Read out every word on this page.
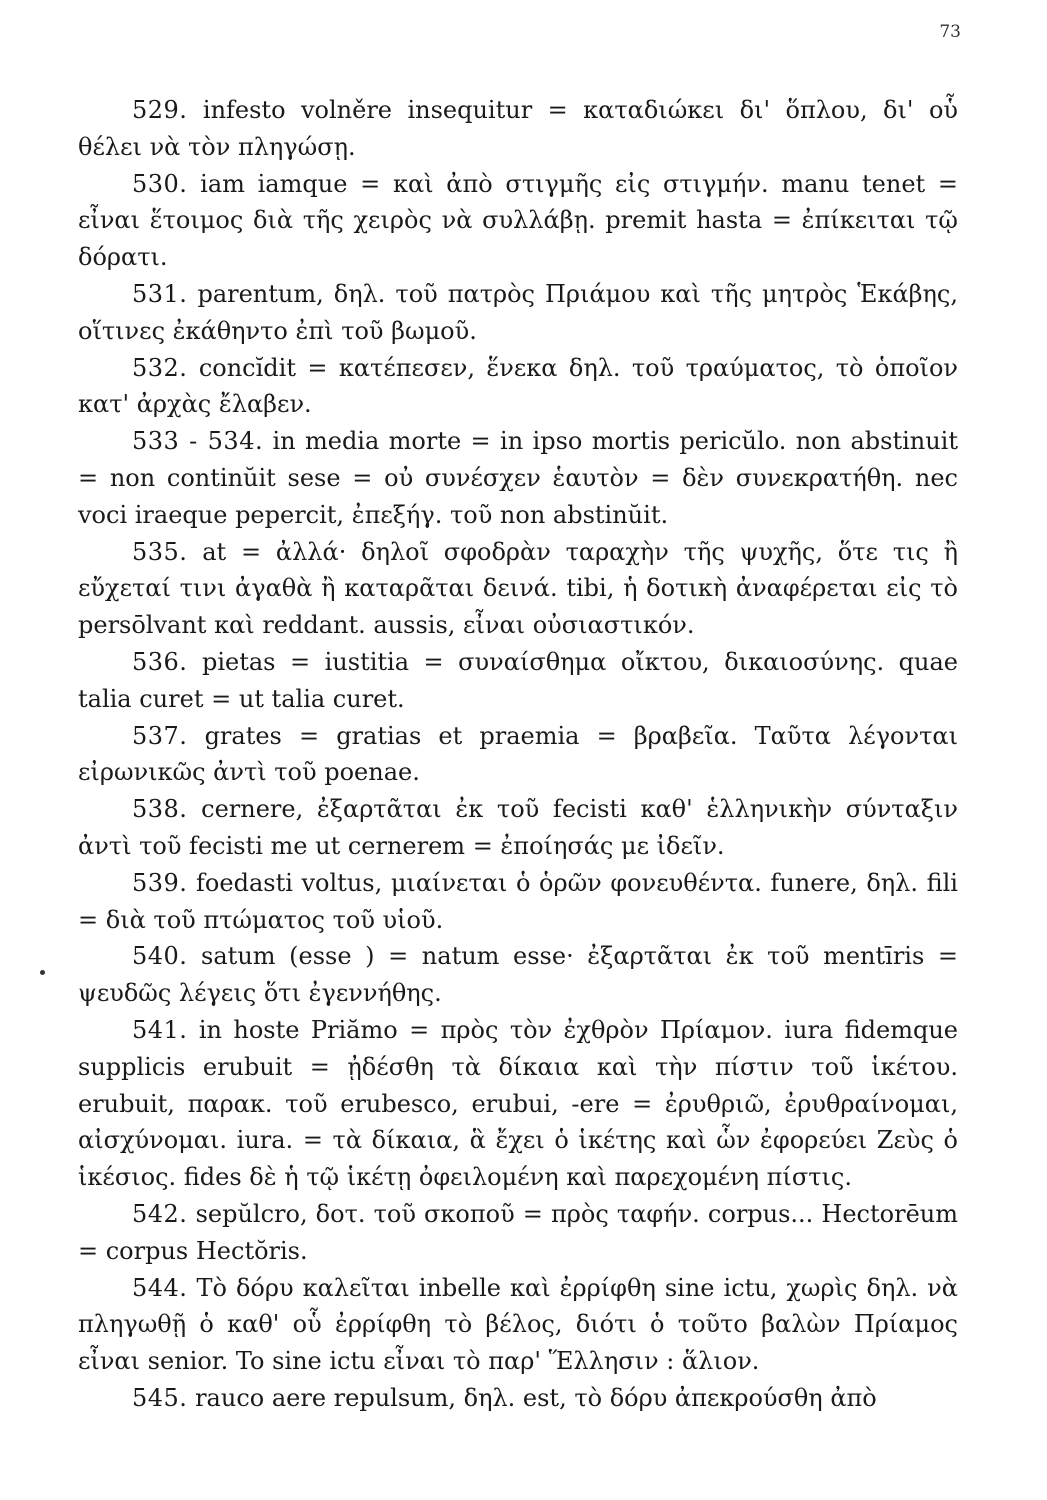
73

529. infesto volněre insequitur = καταδιώκει δι' ὅπλου, δι' οὗ θέλει νὰ τὸν πληγώσῃ.

530. iam iamque = καὶ ἀπὸ στιγμῆς εἰς στιγμήν. manu tenet = εἶναι ἕτοιμος διὰ τῆς χειρὸς νὰ συλλάβῃ. premit hasta = ἐπίκειται τῷ δόρατι.

531. parentum, δηλ. τοῦ πατρὸς Πριάμου καὶ τῆς μητρὸς Ἑκάβης, οἵτινες ἐκάθηντο ἐπὶ τοῦ βωμοῦ.

532. concĭdit = κατέπεσεν, ἕνεκα δηλ. τοῦ τραύματος, τὸ ὁποῖον κατ' ἀρχὰς ἔλαβεν.

533 - 534. in media morte = in ipso mortis pericŭlo. non abstinuit = non continŭit sese = οὐ συνέσχεν ἑαυτὸν = δὲν συνεκρατήθη. nec voci iraeque pepercit, ἐπεξήγ. τοῦ non abstinŭit.

535. at = ἀλλά· δηλοῖ σφοδρὰν ταραχὴν τῆς ψυχῆς, ὅτε τις ἢ εὔχεταί τινι ἀγαθὰ ἢ καταρᾶται δεινά. tibi, ἡ δοτικὴ ἀναφέρεται εἰς τὸ persōlvant καὶ reddant. aussis, εἶναι οὐσιαστικόν.

536. pietas = iustitia = συναίσθημα οἴκτου, δικαιοσύνης. quae talia curet = ut talia curet.

537. grates = gratias et praemia = βραβεῖα. Ταῦτα λέγονται εἰρωνικῶς ἀντὶ τοῦ poenae.

538. cernere, ἐξαρτᾶται ἐκ τοῦ fecisti καθ' ἑλληνικὴν σύνταξιν ἀντὶ τοῦ fecisti me ut cernerem = ἐποίησάς με ἰδεῖν.

539. foedasti voltus, μιαίνεται ὁ ὁρῶν φονευθέντα. funere, δηλ. fili = διὰ τοῦ πτώματος τοῦ υἱοῦ.

540. satum (esse ) = natum esse· ἐξαρτᾶται ἐκ τοῦ mentīris = ψευδῶς λέγεις ὅτι ἐγεννήθης.

541. in hoste Priămo = πρὸς τὸν ἐχθρὸν Πρίαμον. iura fidemque supplicis erubuit = ᾐδέσθη τὰ δίκαια καὶ τὴν πίστιν τοῦ ἱκέτου. erubuit, παρακ. τοῦ erubesco, erubui, -ere = ἐρυθριῶ, ἐρυθραίνομαι, αἰσχύνομαι. iura. = τὰ δίκαια, ἃ ἔχει ὁ ἱκέτης καὶ ὧν ἐφορεύει Ζεὺς ὁ ἱκέσιος. fides δὲ ἡ τῷ ἱκέτῃ ὀφειλομένη καὶ παρεχομένη πίστις.

542. sepŭlcro, δοτ. τοῦ σκοποῦ = πρὸς ταφήν. corpus... Hectorēum = corpus Hectŏris.

544. Τὸ δόρυ καλεῖται inbelle καὶ ἐρρίφθη sine ictu, χωρὶς δηλ. νὰ πληγωθῇ ὁ καθ' οὗ ἐρρίφθη τὸ βέλος, διότι ὁ τοῦτο βαλὼν Πρίαμος εἶναι senior. To sine ictu εἶναι τὸ παρ' Ἕλλησιν : ἅλιον.

545. rauco aere repulsum, δηλ. est, τὸ δόρυ ἀπεκρούσθη ἀπὸ
